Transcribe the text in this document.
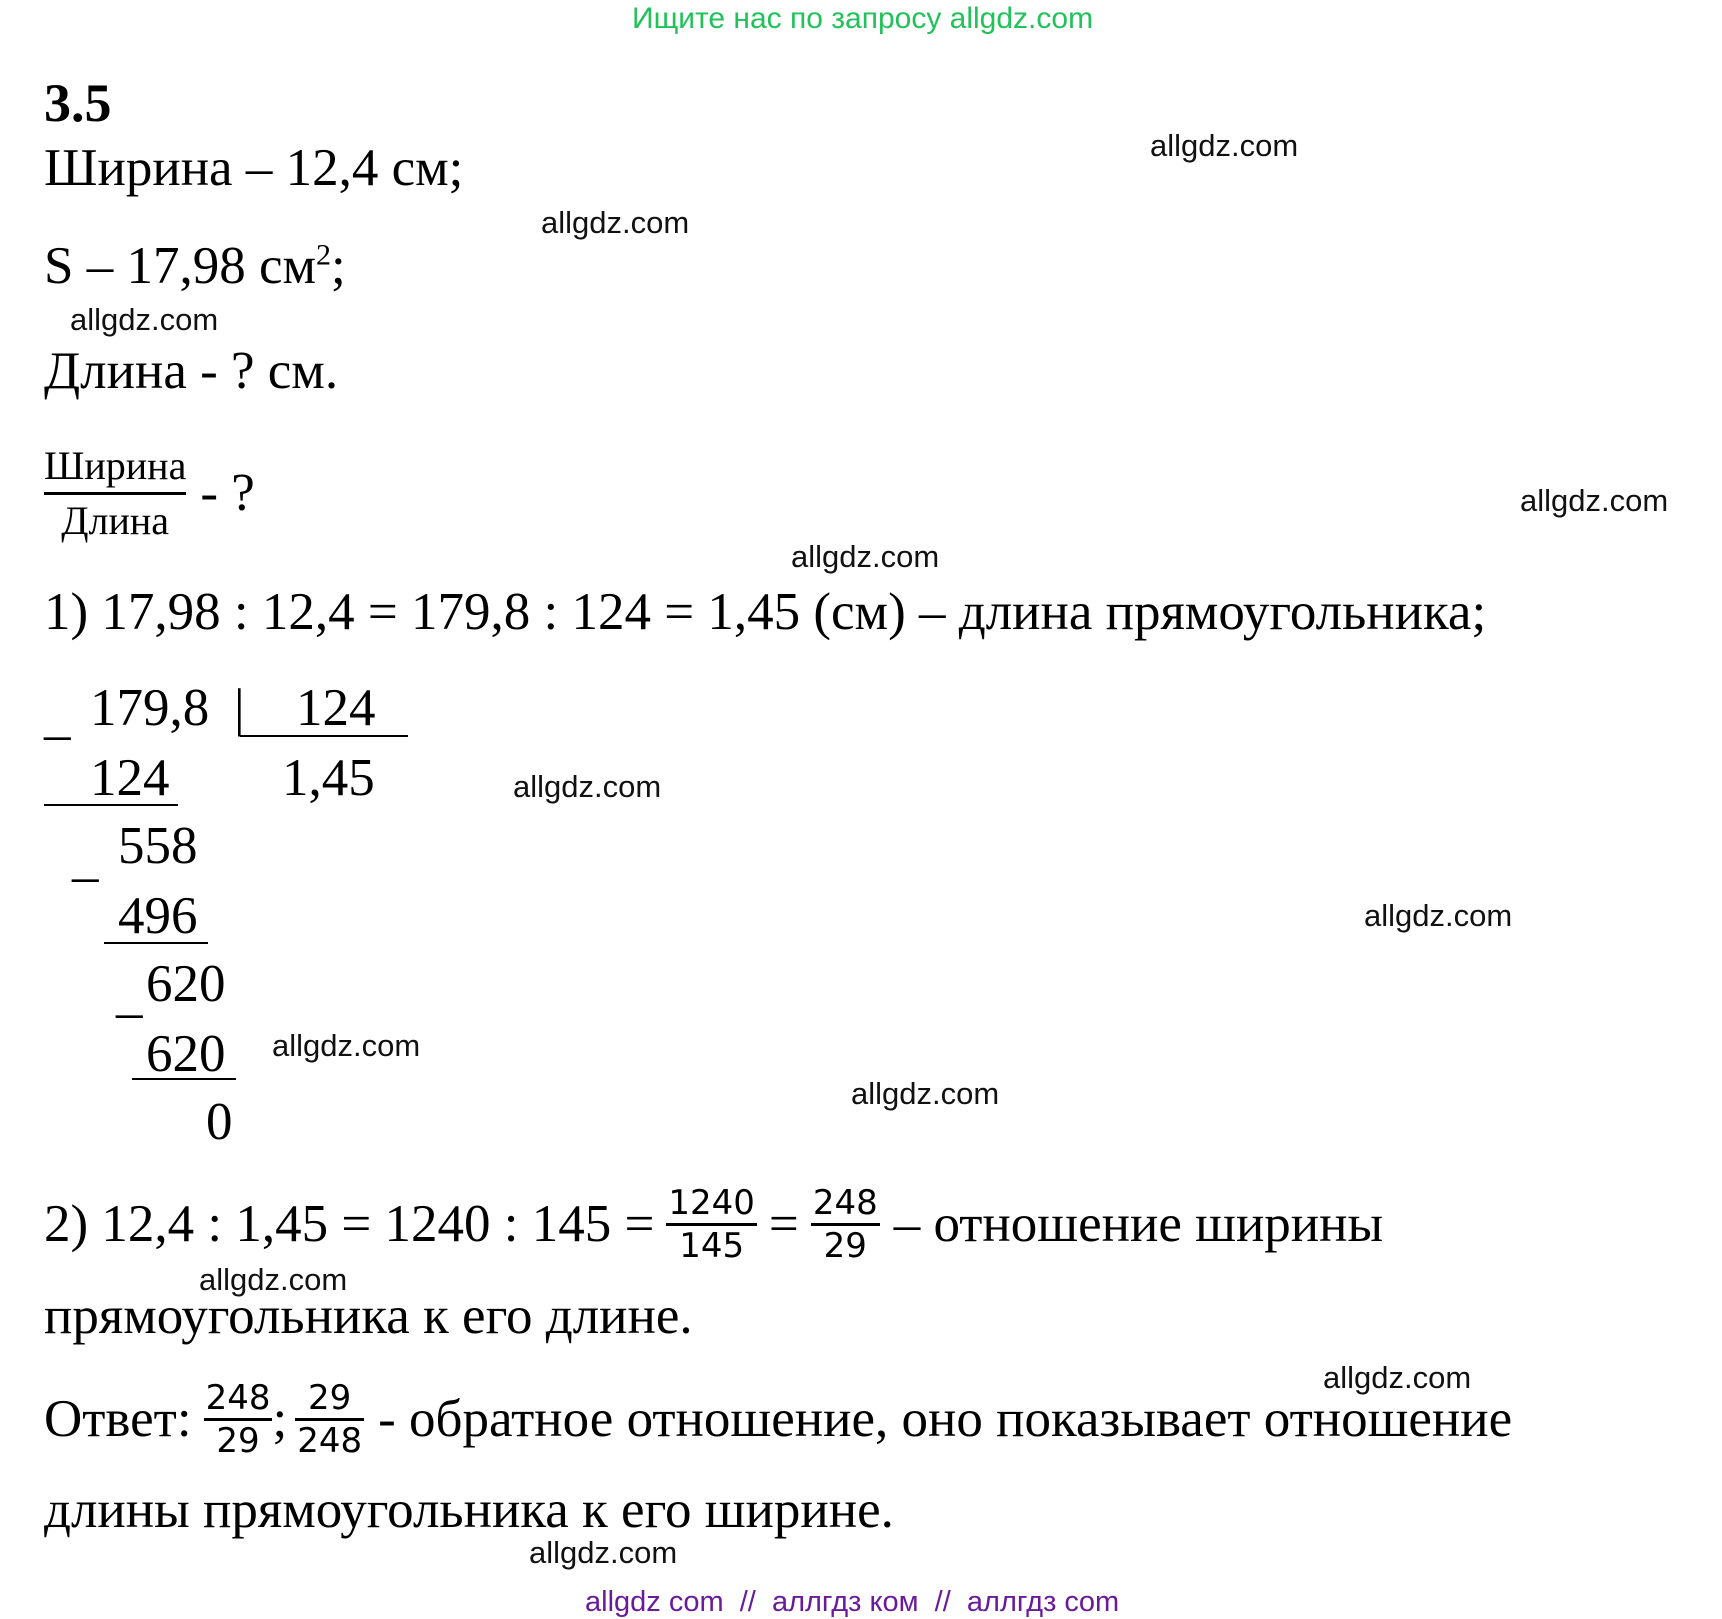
Ищите нас по запросу allgdz.com
3.5
Ширина – 12,4 см;
S – 17,98 $см^2$;
Длина - ? см.
$\frac{\text{Ширина}}{\text{Длина}}$ - ?
1) 17,98 : 12,4 = 179,8 : 124 = 1,45 (см) – длина прямоугольника;
_ 179,8 | 124
1,45
124
_ 558
496
_ 620
620
0
2) 12,4 : 1,45 = 1240 : $145 = \frac{1240}{145} = \frac{248}{29}$ – отношение ширины
прямоугольника к его длине.
Ответ: $\frac{248}{29}$ ; $\frac{29}{248}$ - обратное отношение, оно показывает отношение
длины прямоугольника к его ширине.
allgdz.com
allgdz.com
allgdz.com
allgdz.com
allgdz.com
allgdz.com
allgdz.com
allgdz.com
allgdz.com
allgdz.com
allgdz.com
allgdz.com
allgdz com  //  аллгдз ком  //  аллгдз com
